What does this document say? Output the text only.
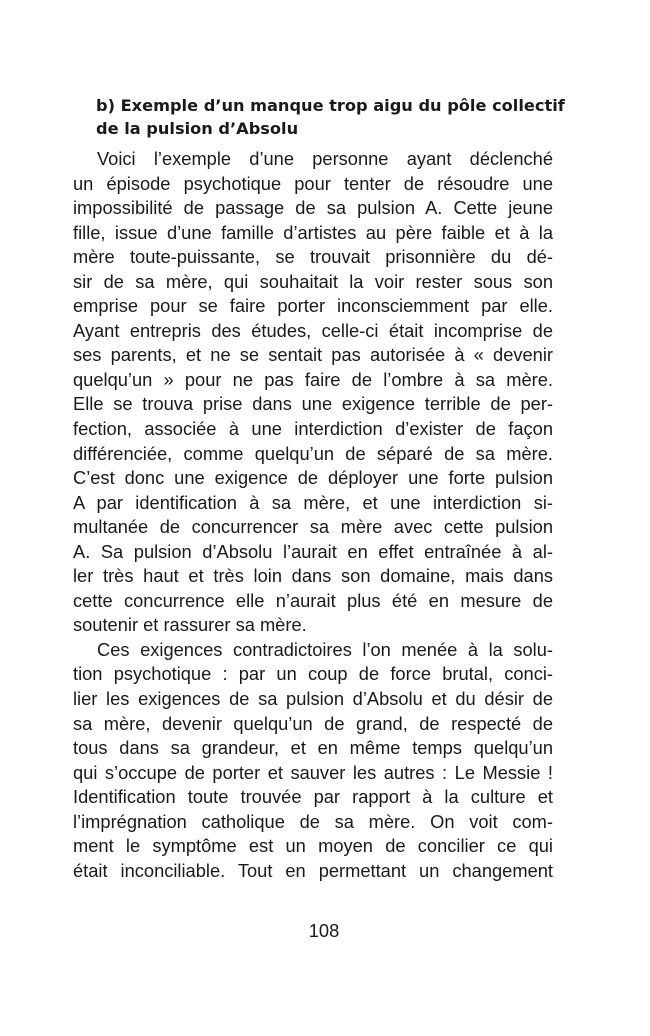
b) Exemple d’un manque trop aigu du pôle collectif
de la pulsion d’Absolu
Voici l’exemple d’une personne ayant déclenché
un épisode psychotique pour tenter de résoudre une
impossibilité de passage de sa pulsion A. Cette jeune
fille, issue d’une famille d’artistes au père faible et à la
mère toute-puissante, se trouvait prisonnière du dé-
sir de sa mère, qui souhaitait la voir rester sous son
emprise pour se faire porter inconsciemment par elle.
Ayant entrepris des études, celle-ci était incomprise de
ses parents, et ne se sentait pas autorisée à « devenir
quelqu’un » pour ne pas faire de l’ombre à sa mère.
Elle se trouva prise dans une exigence terrible de per-
fection, associée à une interdiction d’exister de façon
différenciée, comme quelqu’un de séparé de sa mère.
C’est donc une exigence de déployer une forte pulsion
A par identification à sa mère, et une interdiction si-
multanée de concurrencer sa mère avec cette pulsion
A. Sa pulsion d’Absolu l’aurait en effet entraînée à al-
ler très haut et très loin dans son domaine, mais dans
cette concurrence elle n’aurait plus été en mesure de
soutenir et rassurer sa mère.
Ces exigences contradictoires l’on menée à la solu-
tion psychotique : par un coup de force brutal, conci-
lier les exigences de sa pulsion d’Absolu et du désir de
sa mère, devenir quelqu’un de grand, de respecté de
tous dans sa grandeur, et en même temps quelqu’un
qui s’occupe de porter et sauver les autres : Le Messie !
Identification toute trouvée par rapport à la culture et
l’imprégnation catholique de sa mère. On voit com-
ment le symptôme est un moyen de concilier ce qui
était inconciliable. Tout en permettant un changement
108
